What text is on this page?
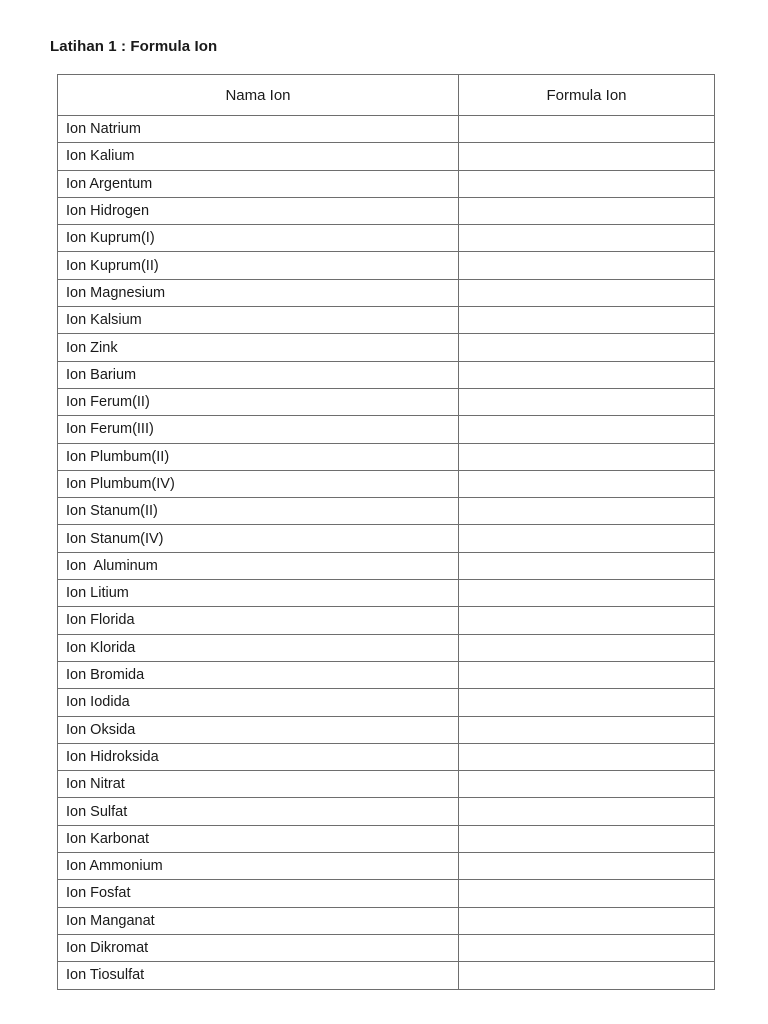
Latihan 1 : Formula Ion
Nama Ion	Formula Ion
Ion Natrium	
Ion Kalium	
Ion Argentum	
Ion Hidrogen	
Ion Kuprum(I)	
Ion Kuprum(II)	
Ion Magnesium	
Ion Kalsium	
Ion Zink	
Ion Barium	
Ion Ferum(II)	
Ion Ferum(III)	
Ion Plumbum(II)	
Ion Plumbum(IV)	
Ion Stanum(II)	
Ion Stanum(IV)	
Ion  Aluminum	
Ion Litium	
Ion Florida	
Ion Klorida	
Ion Bromida	
Ion Iodida	
Ion Oksida	
Ion Hidroksida	
Ion Nitrat	
Ion Sulfat	
Ion Karbonat	
Ion Ammonium	
Ion Fosfat	
Ion Manganat	
Ion Dikromat	
Ion Tiosulfat	
